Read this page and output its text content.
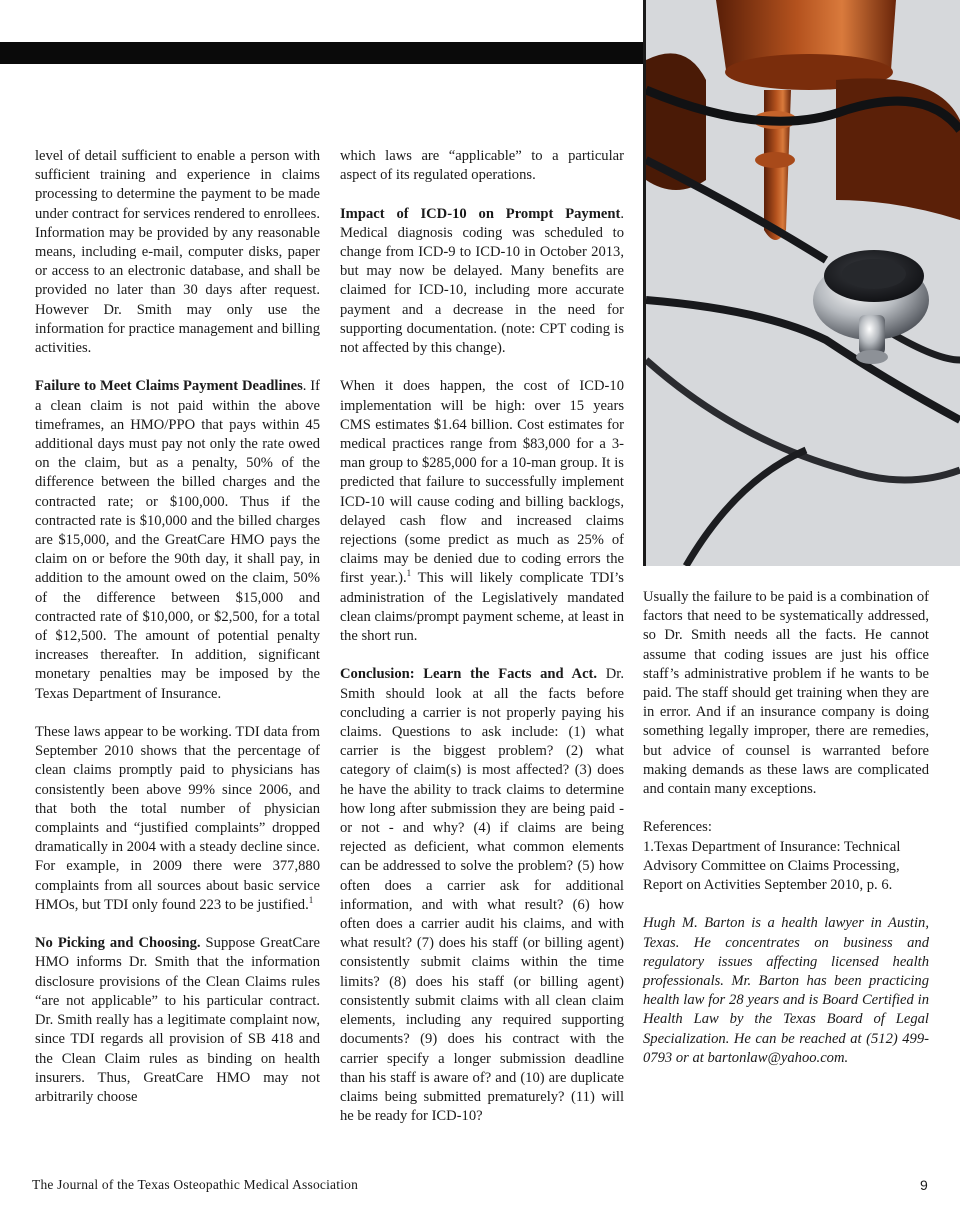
level of detail sufficient to enable a person with sufficient training and experience in claims processing to determine the payment to be made under contract for services rendered to enrollees. Information may be provided by any reasonable means, including e-mail, computer disks, paper or access to an electronic database, and shall be provided no later than 30 days after request. However Dr. Smith may only use the information for practice management and billing activities.

Failure to Meet Claims Payment Deadlines. If a clean claim is not paid within the above timeframes, an HMO/PPO that pays within 45 additional days must pay not only the rate owed on the claim, but as a penalty, 50% of the difference between the billed charges and the contracted rate; or $100,000. Thus if the contracted rate is $10,000 and the billed charges are $15,000, and the GreatCare HMO pays the claim on or before the 90th day, it shall pay, in addition to the amount owed on the claim, 50% of the difference between $15,000 and contracted rate of $10,000, or $2,500, for a total of $12,500. The amount of potential penalty increases thereafter. In addition, significant monetary penalties may be imposed by the Texas Department of Insurance.

These laws appear to be working. TDI data from September 2010 shows that the percentage of clean claims promptly paid to physicians has consistently been above 99% since 2006, and that both the total number of physician complaints and “justified complaints” dropped dramatically in 2004 with a steady decline since. For example, in 2009 there were 377,880 complaints from all sources about basic service HMOs, but TDI only found 223 to be justified.$^1$

No Picking and Choosing. Suppose GreatCare HMO informs Dr. Smith that the information disclosure provisions of the Clean Claims rules “are not applicable” to his particular contract. Dr. Smith really has a legitimate complaint now, since TDI regards all provision of SB 418 and the Clean Claim rules as binding on health insurers. Thus, GreatCare HMO may not arbitrarily choose

which laws are “applicable” to a particular aspect of its regulated operations.

Impact of ICD-10 on Prompt Payment. Medical diagnosis coding was scheduled to change from ICD-9 to ICD-10 in October 2013, but may now be delayed. Many benefits are claimed for ICD-10, including more accurate payment and a decrease in the need for supporting documentation. (note: CPT coding is not affected by this change).

When it does happen, the cost of ICD-10 implementation will be high: over 15 years CMS estimates $1.64 billion. Cost estimates for medical practices range from $83,000 for a 3-man group to $285,000 for a 10-man group. It is predicted that failure to successfully implement ICD-10 will cause coding and billing backlogs, delayed cash flow and increased claims rejections (some predict as much as 25% of claims may be denied due to coding errors the first year.).$^1$ This will likely complicate TDI’s administration of the Legislatively mandated clean claims/prompt payment scheme, at least in the short run.

Conclusion: Learn the Facts and Act. Dr. Smith should look at all the facts before concluding a carrier is not properly paying his claims. Questions to ask include: (1) what carrier is the biggest problem? (2) what category of claim(s) is most affected? (3) does he have the ability to track claims to determine how long after submission they are being paid -or not - and why? (4) if claims are being rejected as deficient, what common elements can be addressed to solve the problem? (5) how often does a carrier ask for additional information, and with what result? (6) how often does a carrier audit his claims, and with what result? (7) does his staff (or billing agent) consistently submit claims within the time limits? (8) does his staff (or billing agent) consistently submit claims with all clean claim elements, including any required supporting documents? (9) does his contract with the carrier specify a longer submission deadline than his staff is aware of? and (10) are duplicate claims being submitted prematurely? (11) will he be ready for ICD-10?

Usually the failure to be paid is a combination of factors that need to be systematically addressed, so Dr. Smith needs all the facts. He cannot assume that coding issues are just his office staff’s administrative problem if he wants to be paid. The staff should get training when they are in error. And if an insurance company is doing something legally improper, there are remedies, but advice of counsel is warranted before making demands as these laws are complicated and contain many exceptions.

References:
1.Texas Department of Insurance: Technical Advisory Committee on Claims Processing, Report on Activities September 2010, p. 6.

Hugh M. Barton is a health lawyer in Austin, Texas. He concentrates on business and regulatory issues affecting licensed health professionals. Mr. Barton has been practicing health law for 28 years and is Board Certified in Health Law by the Texas Board of Legal Specialization. He can be reached at (512) 499-0793 or at bartonlaw@yahoo.com.

The Journal of the Texas Osteopathic Medical Association	9
